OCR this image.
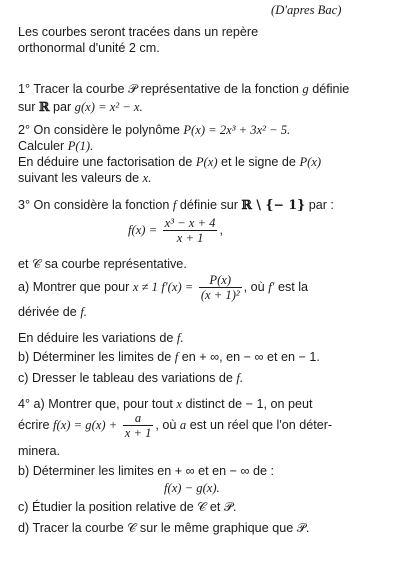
(D'apres Bac)
Les courbes seront tracées dans un repère
orthonormal d'unité 2 cm.
1° Tracer la courbe 𝒫 représentative de la fonction g définie
sur ℝ par g(x) = x² − x.
2° On considère le polynôme P(x) = 2x³ + 3x² − 5.
Calculer P(1).
En déduire une factorisation de P(x) et le signe de P(x)
suivant les valeurs de x.
3° On considère la fonction f définie sur ℝ \ {− 1} par :
$f(x) = \frac{\text{x³ − x + 4}}{x + 1}$ ,
et 𝒞 sa courbe représentative.
a) Montrer que pour x ≠ 1 $f'(x) = \frac{P(x)}{\text{(x + 1)²}}$ , où f′ est la
dérivée de f.
En déduire les variations de f.
b) Déterminer les limites de f en + ∞, en − ∞ et en − 1.
c) Dresser le tableau des variations de f.
4° a) Montrer que, pour tout x distinct de − 1, on peut
écrire $f(x) = g(x) + \frac{a}{x + 1}$ , où a est un réel que l'on déter-
minera.
b) Déterminer les limites en + ∞ et en − ∞ de :
f(x) − g(x).
c) Étudier la position relative de 𝒞 et 𝒫.
d) Tracer la courbe 𝒞 sur le même graphique que 𝒫.
